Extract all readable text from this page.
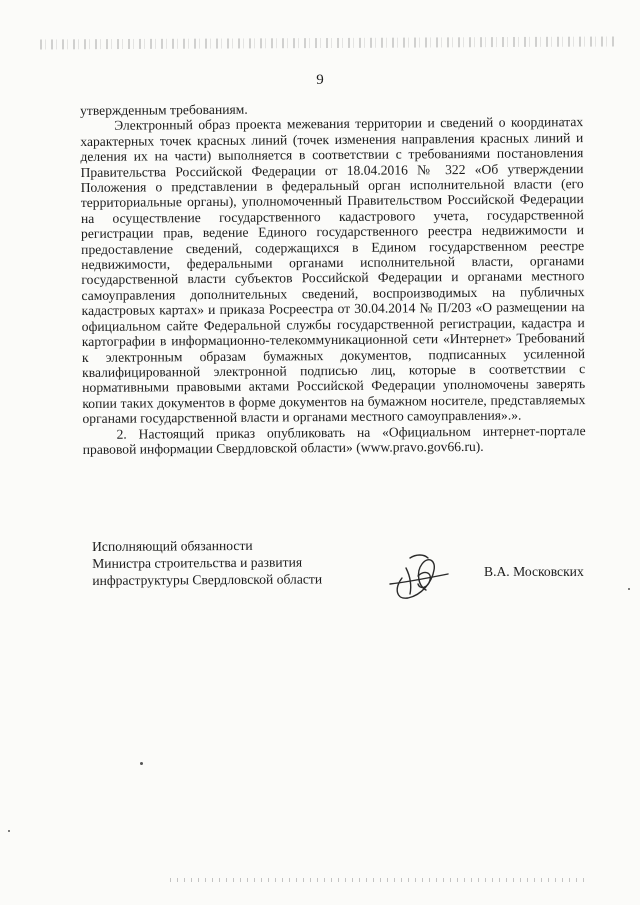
9

утвержденным требованиям.

Электронный образ проекта межевания территории и сведений о координатах характерных точек красных линий (точек изменения направления красных линий и деления их на части) выполняется в соответствии с требованиями постановления Правительства Российской Федерации от 18.04.2016 № 322 «Об утверждении Положения о представлении в федеральный орган исполнительной власти (его территориальные органы), уполномоченный Правительством Российской Федерации на осуществление государственного кадастрового учета, государственной регистрации прав, ведение Единого государственного реестра недвижимости и предоставление сведений, содержащихся в Едином государственном реестре недвижимости, федеральными органами исполнительной власти, органами государственной власти субъектов Российской Федерации и органами местного самоуправления дополнительных сведений, воспроизводимых на публичных кадастровых картах» и приказа Росреестра от 30.04.2014 № П/203 «О размещении на официальном сайте Федеральной службы государственной регистрации, кадастра и картографии в информационно-телекоммуникационной сети «Интернет» Требований к электронным образам бумажных документов, подписанных усиленной квалифицированной электронной подписью лиц, которые в соответствии с нормативными правовыми актами Российской Федерации уполномочены заверять копии таких документов в форме документов на бумажном носителе, представляемых органами государственной власти и органами местного самоуправления».».

2. Настоящий приказ опубликовать на «Официальном интернет-портале правовой информации Свердловской области» (www.pravo.gov66.ru).

Исполняющий обязанности
Министра строительства и развития
инфраструктуры Свердловской области	В.А. Московских
